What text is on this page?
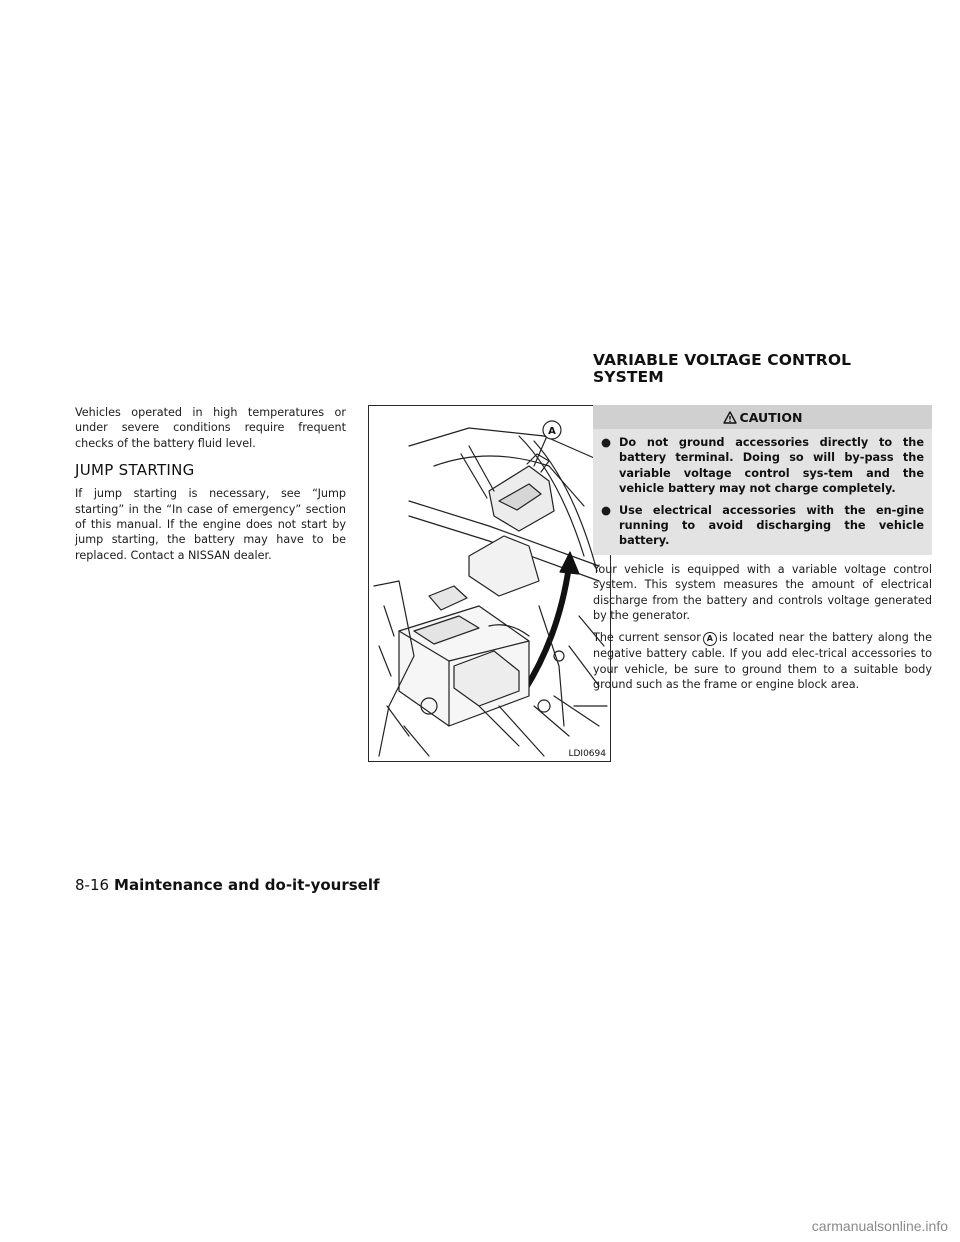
VARIABLE VOLTAGE CONTROL
SYSTEM

Vehicles operated in high temperatures or under severe conditions require frequent checks of the battery fluid level.

JUMP STARTING

If jump starting is necessary, see “Jump starting” in the “In case of emergency” section of this manual. If the engine does not start by jump starting, the battery may have to be replaced. Contact a NISSAN dealer.

A
LDI0694
CAUTION
● Do not ground accessories directly to the battery terminal. Doing so will by-pass the variable voltage control sys-tem and the vehicle battery may not charge completely.
● Use electrical accessories with the en-gine running to avoid discharging the vehicle battery.

Your vehicle is equipped with a variable voltage control system. This system measures the amount of electrical discharge from the battery and controls voltage generated by the generator.

The current sensor A is located near the battery along the negative battery cable. If you add elec-trical accessories to your vehicle, be sure to ground them to a suitable body ground such as the frame or engine block area.

8-16 Maintenance and do-it-yourself
carmanualsonline.info
